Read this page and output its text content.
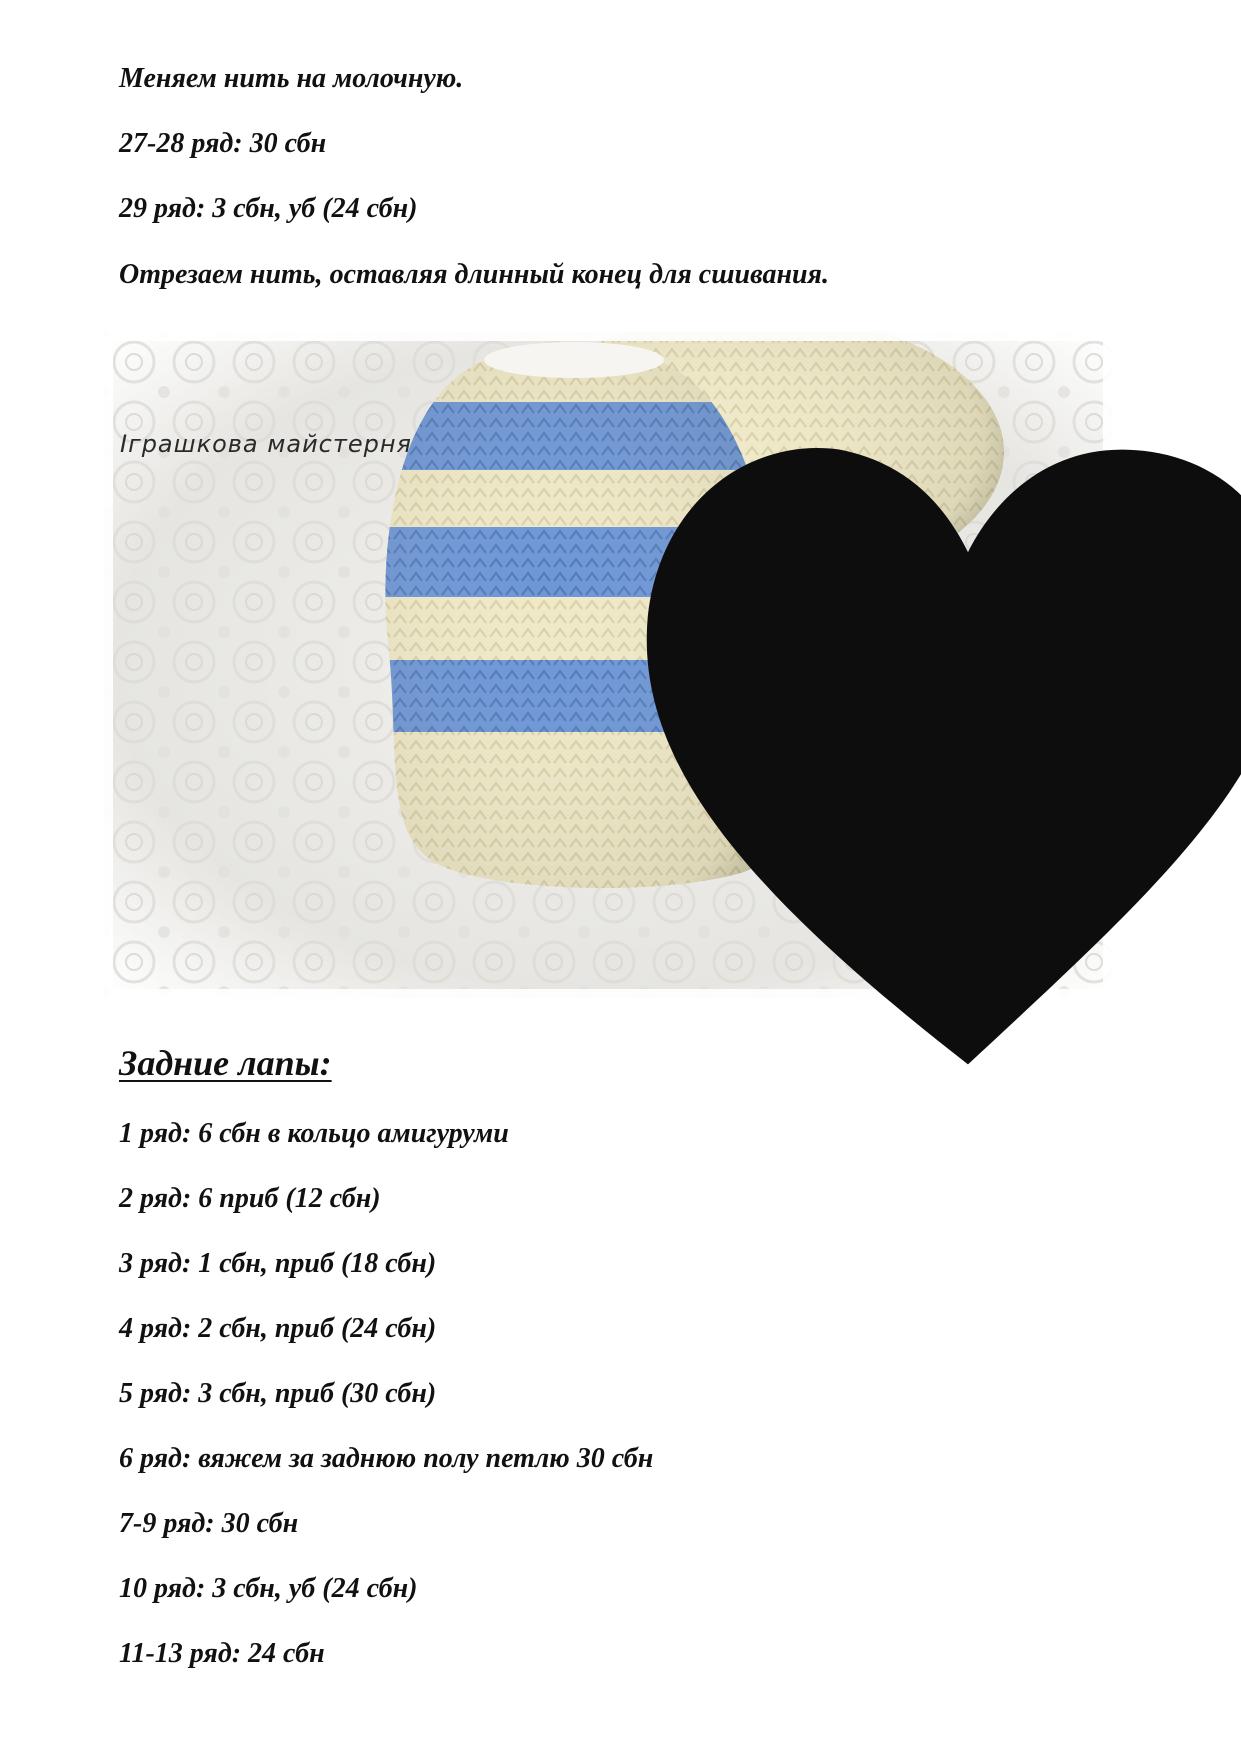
Меняем нить на молочную.

27-28 ряд: 30 сбн

29 ряд: 3 сбн, уб (24 сбн)

Отрезаем нить, оставляя длинный конец для сшивания.

Іграшкова майстерня
Задние лапы:

1 ряд: 6 сбн в кольцо амигуруми

2 ряд: 6 приб (12 сбн)

3 ряд: 1 сбн, приб (18 сбн)

4 ряд: 2 сбн, приб (24 сбн)

5 ряд: 3 сбн, приб (30 сбн)

6 ряд: вяжем за заднюю полу петлю 30 сбн

7-9 ряд: 30 сбн

10 ряд: 3 сбн, уб (24 сбн)

11-13 ряд: 24 сбн
